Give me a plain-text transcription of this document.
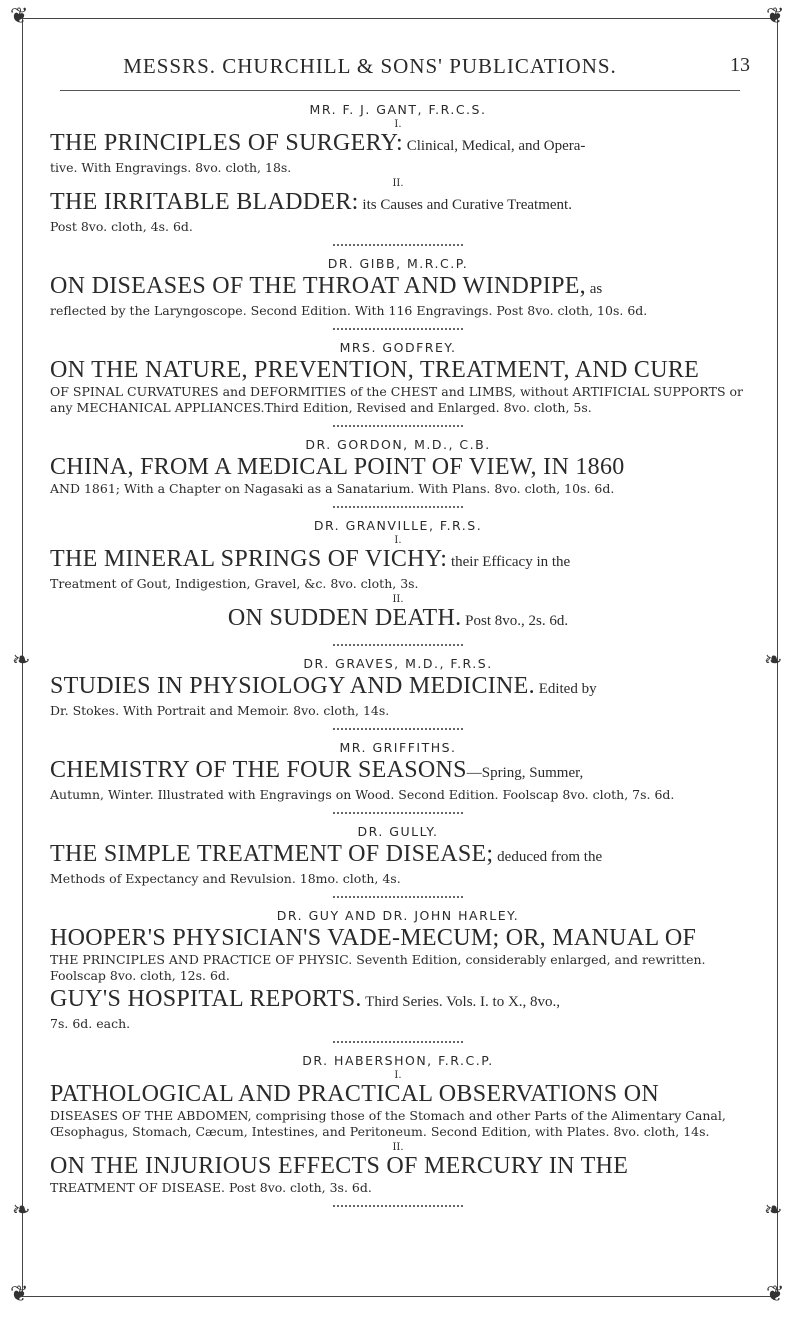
❦	❦
❦	❦
❧	❧
❧	❧
MESSRS. CHURCHILL & SONS' PUBLICATIONS.	13
MR. F. J. GANT, F.R.C.S.
I.
THE PRINCIPLES OF SURGERY: Clinical, Medical, and Opera-
tive. With Engravings. 8vo. cloth, 18s.
II.
THE IRRITABLE BLADDER: its Causes and Curative Treatment.
Post 8vo. cloth, 4s. 6d.
DR. GIBB, M.R.C.P.
ON DISEASES OF THE THROAT AND WINDPIPE, as
reflected by the Laryngoscope. Second Edition. With 116 Engravings. Post 8vo. cloth, 10s. 6d.
MRS. GODFREY.
ON THE NATURE, PREVENTION, TREATMENT, AND CURE
OF SPINAL CURVATURES and DEFORMITIES of the CHEST and LIMBS, without ARTIFICIAL SUPPORTS or any MECHANICAL APPLIANCES.Third Edition, Revised and Enlarged. 8vo. cloth, 5s.
DR. GORDON, M.D., C.B.
CHINA, FROM A MEDICAL POINT OF VIEW, IN 1860
AND 1861; With a Chapter on Nagasaki as a Sanatarium. With Plans. 8vo. cloth, 10s. 6d.
DR. GRANVILLE, F.R.S.
I.
THE MINERAL SPRINGS OF VICHY: their Efficacy in the
Treatment of Gout, Indigestion, Gravel, &c. 8vo. cloth, 3s.
II.
ON SUDDEN DEATH. Post 8vo., 2s. 6d.
DR. GRAVES, M.D., F.R.S.
STUDIES IN PHYSIOLOGY AND MEDICINE. Edited by
Dr. Stokes. With Portrait and Memoir. 8vo. cloth, 14s.
MR. GRIFFITHS.
CHEMISTRY OF THE FOUR SEASONS—Spring, Summer,
Autumn, Winter. Illustrated with Engravings on Wood. Second Edition. Foolscap 8vo. cloth, 7s. 6d.
DR. GULLY.
THE SIMPLE TREATMENT OF DISEASE; deduced from the
Methods of Expectancy and Revulsion. 18mo. cloth, 4s.
DR. GUY AND DR. JOHN HARLEY.
HOOPER'S PHYSICIAN'S VADE-MECUM; OR, MANUAL OF
THE PRINCIPLES AND PRACTICE OF PHYSIC. Seventh Edition, considerably enlarged, and rewritten. Foolscap 8vo. cloth, 12s. 6d.
GUY'S HOSPITAL REPORTS. Third Series. Vols. I. to X., 8vo.,
7s. 6d. each.
DR. HABERSHON, F.R.C.P.
I.
PATHOLOGICAL AND PRACTICAL OBSERVATIONS ON
DISEASES OF THE ABDOMEN, comprising those of the Stomach and other Parts of the Alimentary Canal, Œsophagus, Stomach, Cæcum, Intestines, and Peritoneum. Second Edition, with Plates. 8vo. cloth, 14s.
II.
ON THE INJURIOUS EFFECTS OF MERCURY IN THE
TREATMENT OF DISEASE. Post 8vo. cloth, 3s. 6d.
